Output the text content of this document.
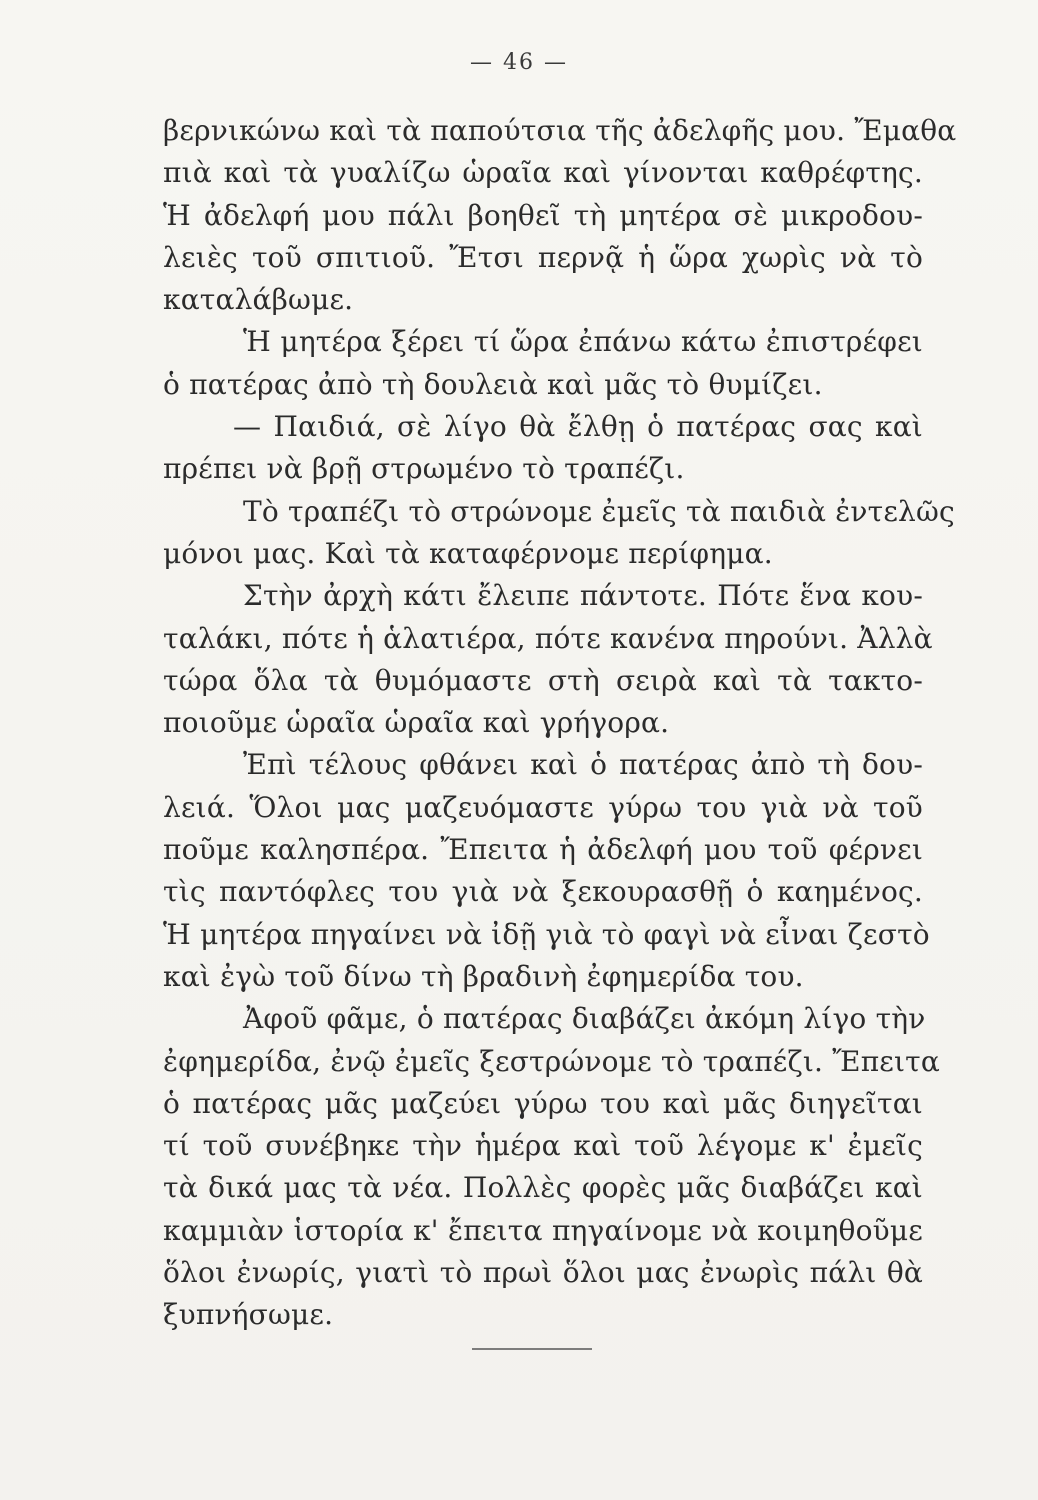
— 46 —
βερνικώνω καὶ τὰ παπούτσια τῆς ἀδελφῆς μου. Ἔμαθα
πιὰ καὶ τὰ γυαλίζω ὡραῖα καὶ γίνονται καθρέφτης.
Ἡ ἀδελφή μου πάλι βοηθεῖ τὴ μητέρα σὲ μικροδου-
λειὲς τοῦ σπιτιοῦ. Ἔτσι περνᾷ ἡ ὥρα χωρὶς νὰ τὸ
καταλάβωμε.
Ἡ μητέρα ξέρει τί ὥρα ἐπάνω κάτω ἐπιστρέφει
ὁ πατέρας ἀπὸ τὴ δουλειὰ καὶ μᾶς τὸ θυμίζει.
— Παιδιά, σὲ λίγο θὰ ἔλθῃ ὁ πατέρας σας καὶ
πρέπει νὰ βρῇ στρωμένο τὸ τραπέζι.
Τὸ τραπέζι τὸ στρώνομε ἐμεῖς τὰ παιδιὰ ἐντελῶς
μόνοι μας. Καὶ τὰ καταφέρνομε περίφημα.
Στὴν ἀρχὴ κάτι ἔλειπε πάντοτε. Πότε ἕνα κου-
ταλάκι, πότε ἡ ἁλατιέρα, πότε κανένα πηρούνι. Ἀλλὰ
τώρα ὅλα τὰ θυμόμαστε στὴ σειρὰ καὶ τὰ τακτο-
ποιοῦμε ὡραῖα ὡραῖα καὶ γρήγορα.
Ἐπὶ τέλους φθάνει καὶ ὁ πατέρας ἀπὸ τὴ δου-
λειά. Ὅλοι μας μαζευόμαστε γύρω του γιὰ νὰ τοῦ
ποῦμε καλησπέρα. Ἔπειτα ἡ ἀδελφή μου τοῦ φέρνει
τὶς παντόφλες του γιὰ νὰ ξεκουρασθῇ ὁ καημένος.
Ἡ μητέρα πηγαίνει νὰ ἰδῇ γιὰ τὸ φαγὶ νὰ εἶναι ζεστὸ
καὶ ἐγὼ τοῦ δίνω τὴ βραδινὴ ἐφημερίδα του.
Ἀφοῦ φᾶμε, ὁ πατέρας διαβάζει ἀκόμη λίγο τὴν
ἐφημερίδα, ἐνῷ ἐμεῖς ξεστρώνομε τὸ τραπέζι. Ἔπειτα
ὁ πατέρας μᾶς μαζεύει γύρω του καὶ μᾶς διηγεῖται
τί τοῦ συνέβηκε τὴν ἡμέρα καὶ τοῦ λέγομε κ' ἐμεῖς
τὰ δικά μας τὰ νέα. Πολλὲς φορὲς μᾶς διαβάζει καὶ
καμμιὰν ἱστορία κ' ἔπειτα πηγαίνομε νὰ κοιμηθοῦμε
ὅλοι ἐνωρίς, γιατὶ τὸ πρωὶ ὅλοι μας ἐνωρὶς πάλι θὰ
ξυπνήσωμε.
